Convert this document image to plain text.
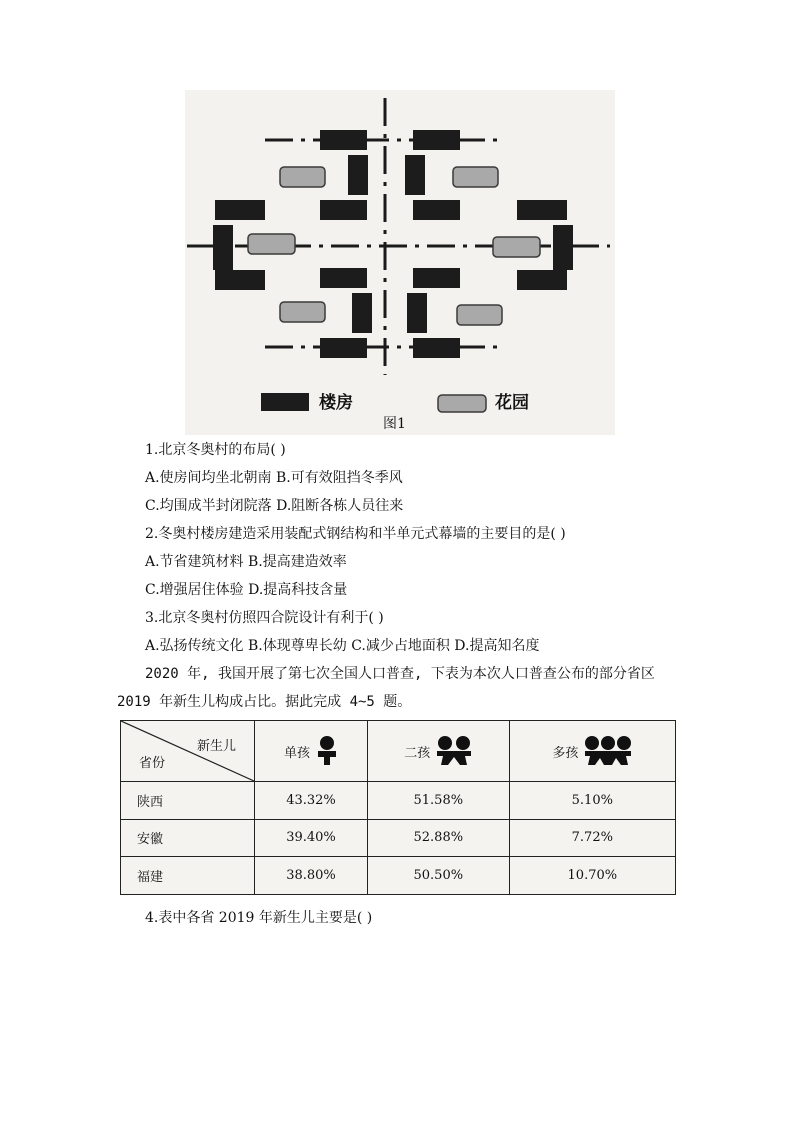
楼房	花园
图1
1.北京冬奥村的布局( )
A.使房间均坐北朝南 B.可有效阻挡冬季风
C.均围成半封闭院落 D.阻断各栋人员往来
2.冬奥村楼房建造采用装配式钢结构和半单元式幕墙的主要目的是( )
A.节省建筑材料 B.提高建造效率
C.增强居住体验 D.提高科技含量
3.北京冬奥村仿照四合院设计有利于( )
A.弘扬传统文化 B.体现尊卑长幼 C.减少占地面积 D.提高知名度
2020 年, 我国开展了第七次全国人口普查, 下表为本次人口普查公布的部分省区
2019 年新生儿构成占比。据此完成 4~5 题。
新生儿
省份	单孩	二孩	多孩

陕西	43.32%	51.58%	5.10%
安徽	39.40%	52.88%	7.72%
福建	38.80%	50.50%	10.70%
4.表中各省 2019 年新生儿主要是( )
